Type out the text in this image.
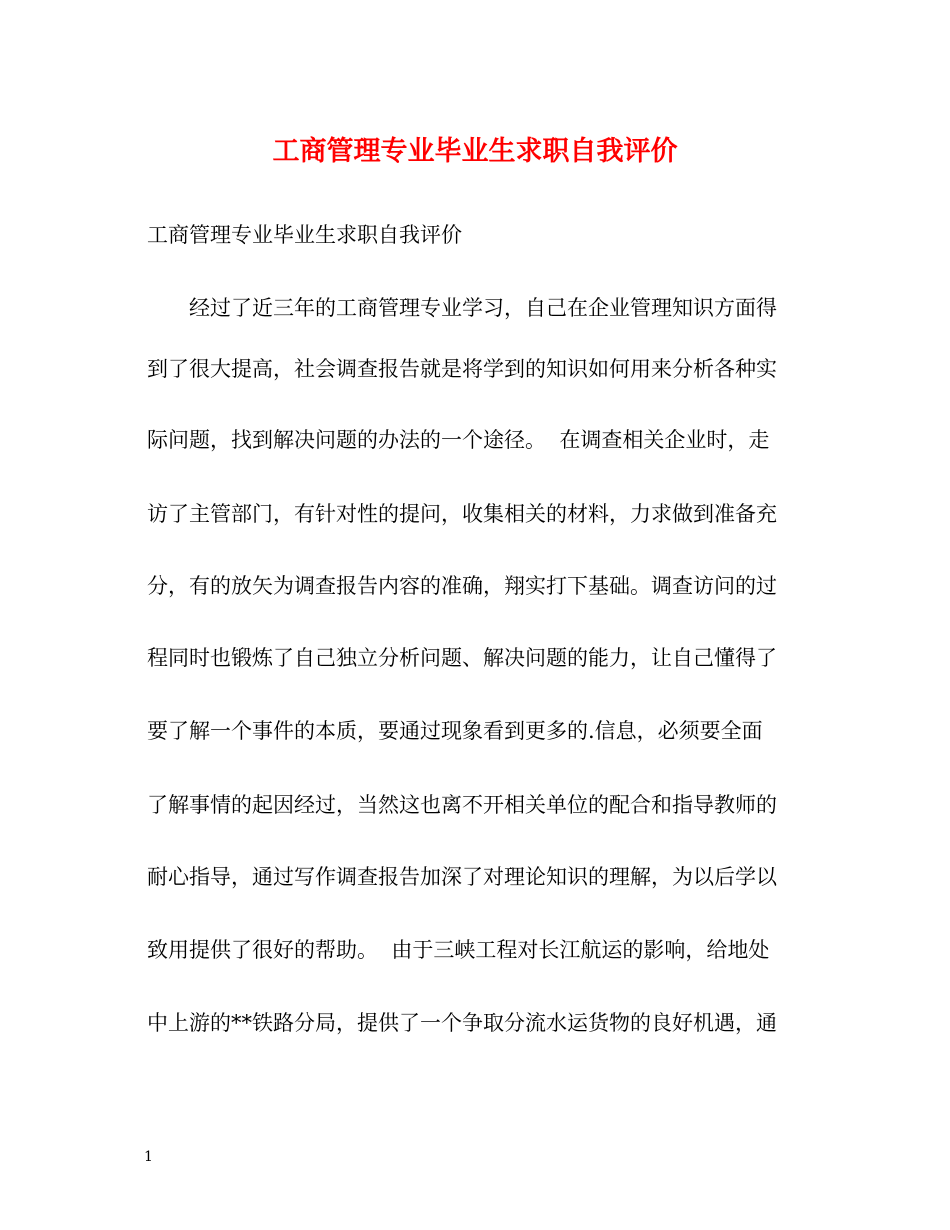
工商管理专业毕业生求职自我评价
工商管理专业毕业生求职自我评价
　　经过了近三年的工商管理专业学习，自己在企业管理知识方面得
到了很大提高，社会调查报告就是将学到的知识如何用来分析各种实
际问题，找到解决问题的办法的一个途径。  在调查相关企业时，走
访了主管部门，有针对性的提问，收集相关的材料，力求做到准备充
分，有的放矢为调查报告内容的准确，翔实打下基础。调查访问的过
程同时也锻炼了自己独立分析问题、解决问题的能力，让自己懂得了
要了解一个事件的本质，要通过现象看到更多的.信息，必须要全面
了解事情的起因经过，当然这也离不开相关单位的配合和指导教师的
耐心指导，通过写作调查报告加深了对理论知识的理解，为以后学以
致用提供了很好的帮助。  由于三峡工程对长江航运的影响，给地处
中上游的**铁路分局，提供了一个争取分流水运货物的良好机遇，通
1
